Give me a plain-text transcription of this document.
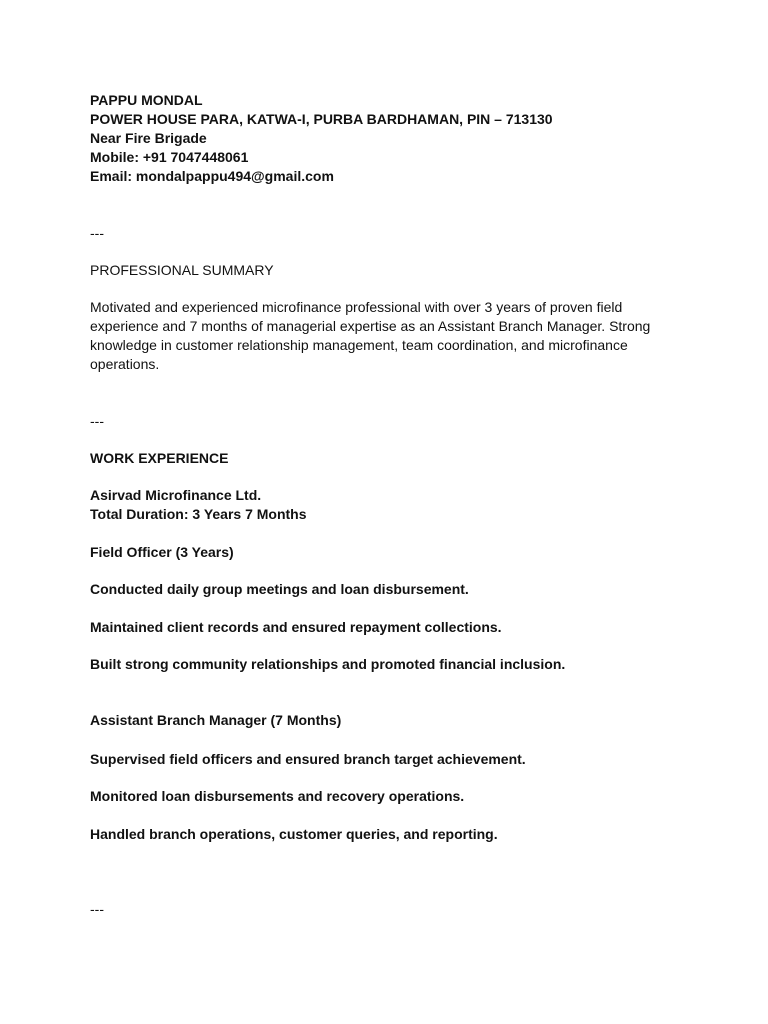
PAPPU MONDAL
POWER HOUSE PARA, KATWA-I, PURBA BARDHAMAN, PIN – 713130
Near Fire Brigade
Mobile: +91 7047448061
Email: mondalpappu494@gmail.com
---
PROFESSIONAL SUMMARY
Motivated and experienced microfinance professional with over 3 years of proven field
experience and 7 months of managerial expertise as an Assistant Branch Manager. Strong
knowledge in customer relationship management, team coordination, and microfinance
operations.
---
WORK EXPERIENCE
Asirvad Microfinance Ltd.
Total Duration: 3 Years 7 Months
Field Officer (3 Years)
Conducted daily group meetings and loan disbursement.
Maintained client records and ensured repayment collections.
Built strong community relationships and promoted financial inclusion.
Assistant Branch Manager (7 Months)
Supervised field officers and ensured branch target achievement.
Monitored loan disbursements and recovery operations.
Handled branch operations, customer queries, and reporting.
---
